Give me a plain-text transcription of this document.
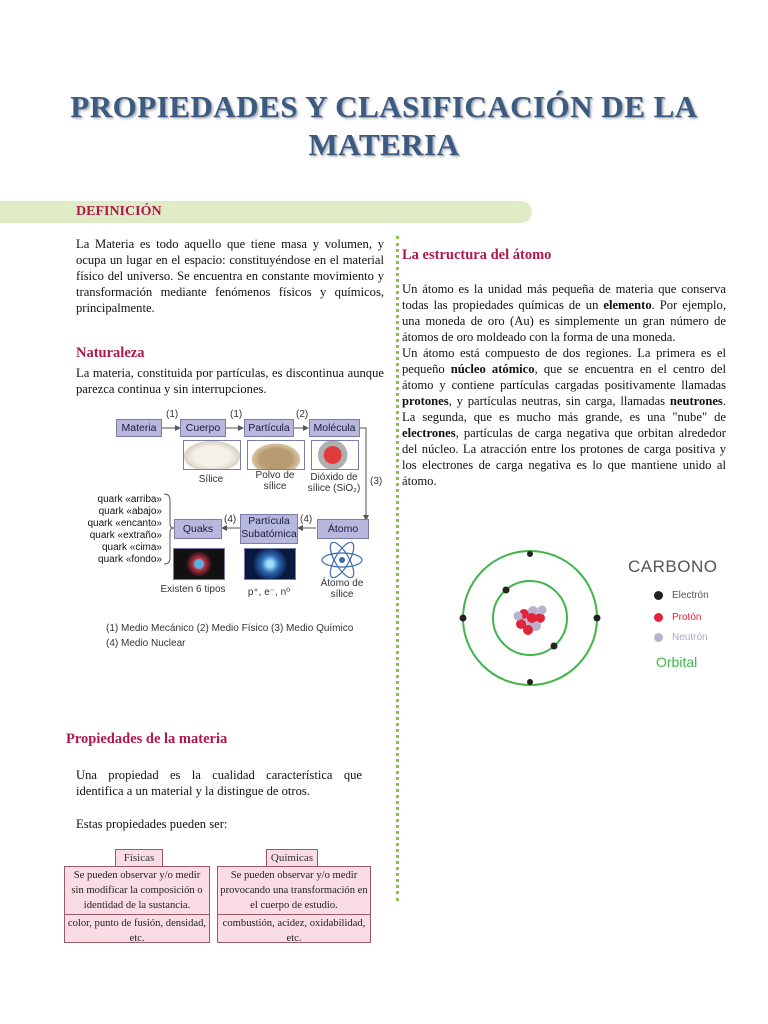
PROPIEDADES Y CLASIFICACIÓN DE LA MATERIA
DEFINICIÓN
La Materia es todo aquello que tiene masa y volumen, y ocupa un lugar en el espacio: constituyéndose en el material físico del universo. Se encuentra en constante movimiento y transformación mediante fenómenos físicos y químicos, principalmente.
Naturaleza
La materia, constituida por partículas, es discontinua aunque parezca continua y sin interrupciones.
Materia	Cuerpo	Partícula	Molécula
Átomo
Partícula Subatómica
Quaks
(1)	(1)	(2)
(3)
(4)
(4)
Sílice	Polvo de sílice
Dióxido de sílice (SiO₂)
Existen 6 tipos	p⁺, e⁻, n⁰
Átomo de sílice
quark «arriba»
quark «abajo»
quark «encanto»
quark «extraño»
quark «cima»
quark «fondo»
(1) Medio Mecánico (2) Medio Físico (3) Medio Químico
(4) Medio Nuclear
La estructura del átomo
Un átomo es la unidad más pequeña de materia que conserva todas las propiedades químicas de un elemento. Por ejemplo, una moneda de oro (Au) es simplemente un gran número de átomos de oro moldeado con la forma de una moneda.
Un átomo está compuesto de dos regiones. La primera es el pequeño núcleo atómico, que se encuentra en el centro del átomo y contiene partículas cargadas positivamente llamadas protones, y partículas neutras, sin carga, llamadas neutrones. La segunda, que es mucho más grande, es una "nube" de electrones, partículas de carga negativa que orbitan alrededor del núcleo. La atracción entre los protones de carga positiva y los electrones de carga negativa es lo que mantiene unido al átomo.
CARBONO
Electrón
Protón
Neutrón
Orbital
Propiedades de la materia
Una propiedad es la cualidad característica que identifica a un material y la distingue de otros.
Estas propiedades pueden ser:
Físicas
Se pueden observar y/o medir sin modificar la composición o identidad de la sustancia.
color, punto de fusión, densidad, etc.
Químicas
Se pueden observar y/o medir provocando una transformación en el cuerpo de estudio.
combustión, acidez, oxidabilidad, etc.
